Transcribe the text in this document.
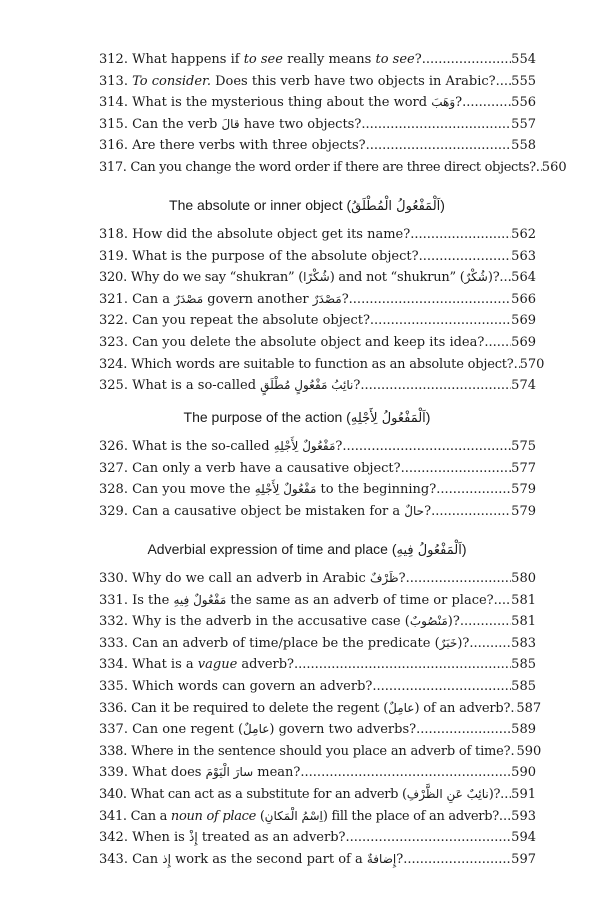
312. What happens if to see really means to see? .....	554
313. To consider. Does this verb have two objects in Arabic? ..... 555
314. What is the mysterious thing about the word وَهَبَ? .....	556
315. Can the verb قالَ have two objects? .....	557
316. Are there verbs with three objects? .....	558
317. Can you change the word order if there are three direct objects? ..... 560
The absolute or inner object (اَلْمَفْعُولُ الْمُطْلَقُ)
318. How did the absolute object get its name? .....	562
319. What is the purpose of the absolute object? .....	563
320. Why do we say “shukran” (شُكْرًا) and not “shukrun” (شُكْرٌ)? ..... 564
321. Can a مَصْدَرٌ govern another مَصْدَرٌ? .....	566
322. Can you repeat the absolute object? .....	569
323. Can you delete the absolute object and keep its idea? ..... 569
324. Which words are suitable to function as an absolute object? ..... 570
325. What is a so-called نائِبُ مَفْعُولٍ مُطْلَقٍ? .....	574
The purpose of the action (اَلْمَفْعُولُ لِأَجْلِهِ)
326. What is the so-called مَفْعُولٌ لِأَجْلِهِ? .....	575
327. Can only a verb have a causative object? .....	577
328. Can you move the مَفْعُولٌ لِأَجْلِهِ to the beginning? .....	579
329. Can a causative object be mistaken for a حالٌ? .....	579
Adverbial expression of time and place (اَلْمَفْعُولُ فِيهِ)
330. Why do we call an adverb in Arabic ظَرْفٌ? .....	580
331. Is the مَفْعُولٌ فِيهِ the same as an adverb of time or place? ..... 581
332. Why is the adverb in the accusative case (مَنْصُوبٌ)? .....	581
333. Can an adverb of time/place be the predicate (خَبَرٌ)? .....	583
334. What is a vague adverb? .....	585
335. Which words can govern an adverb? .....	585
336. Can it be required to delete the regent (عامِلٌ) of an adverb? ..... 587
337. Can one regent (عامِلٌ) govern two adverbs? .....	589
338. Where in the sentence should you place an adverb of time? ..... 590
339. What does سارَ الْيَوْمَ mean? .....	590
340. What can act as a substitute for an adverb (نائِبٌ عَنِ الظَّرْفِ)? ..... 591
341. Can a noun of place (اِسْمُ الْمَكانِ) fill the place of an adverb? ..... 593
342. When is إِذْ treated as an adverb? .....	594
343. Can إِذ work as the second part of a إِضافةٌ? .....	597
